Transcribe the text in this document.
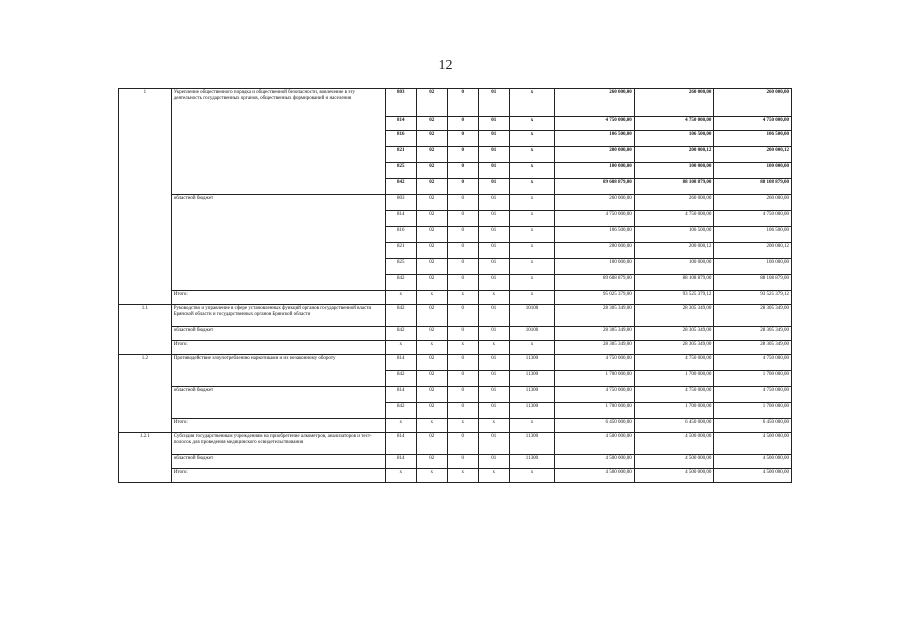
12
1	Укрепление общественного порядка и общественной безопасности, вовлечение в эту деятельность государственных органов, общественных формирований и населения	803	02	0	01	x	260 000,00	260 000,00	260 000,00
		814	02	0	01	x	4 750 000,00	4 750 000,00	4 750 000,00
		816	02	0	01	x	106 500,00	106 500,00	106 500,00
		821	02	0	01	x	200 000,00	200 000,12	200 000,12
		825	02	0	01	x	100 000,00	100 000,00	100 000,00
		842	02	0	01	x	89 608 879,00	88 108 879,00	88 108 879,00
	областной бюджет	803	02	0	01	x	260 000,00	260 000,00	260 000,00
		814	02	0	01	x	4 750 000,00	4 750 000,00	4 750 000,00
		816	02	0	01	x	106 500,00	106 500,00	106 500,00
		821	02	0	01	x	200 000,00	200 000,12	200 000,12
		825	02	0	01	x	100 000,00	100 000,00	100 000,00
		842	02	0	01	x	89 608 879,00	88 108 879,00	88 108 879,00
	Итого:	x	x	x	x	x	95 025 379,00	93 525 379,12	93 525 379,12
1.1	Руководство и управление в сфере установленных функций органов государственной власти Брянской области и государственных органов Брянской области	842	02	0	01	10100	28 305 349,00	28 305 349,00	28 305 349,00
	областной бюджет	842	02	0	01	10100	28 305 349,00	28 305 349,00	28 305 349,00
	Итого:	x	x	x	x	x	28 305 349,00	28 305 349,00	28 305 349,00
1.2	Противодействие злоупотреблению наркотиками и их незаконному обороту	814	02	0	01	11300	4 750 000,00	4 750 000,00	4 750 000,00
		842	02	0	01	11300	1 700 000,00	1 700 000,00	1 700 000,00
	областной бюджет	814	02	0	01	11300	4 750 000,00	4 750 000,00	4 750 000,00
		842	02	0	01	11300	1 700 000,00	1 700 000,00	1 700 000,00
	Итого:	x	x	x	x	x	6 450 000,00	6 450 000,00	6 450 000,00
1.2.1	Субсидия государственным учреждениям на приобретение алкометров, анализаторов и тест-полосок для проведения медицинского освидетельствования	814	02	0	01	11300	4 500 000,00	4 500 000,00	4 500 000,00
	областной бюджет	814	02	0	01	11300	4 500 000,00	4 500 000,00	4 500 000,00
	Итого:	x	x	x	x	x	4 500 000,00	4 500 000,00	4 500 000,00
